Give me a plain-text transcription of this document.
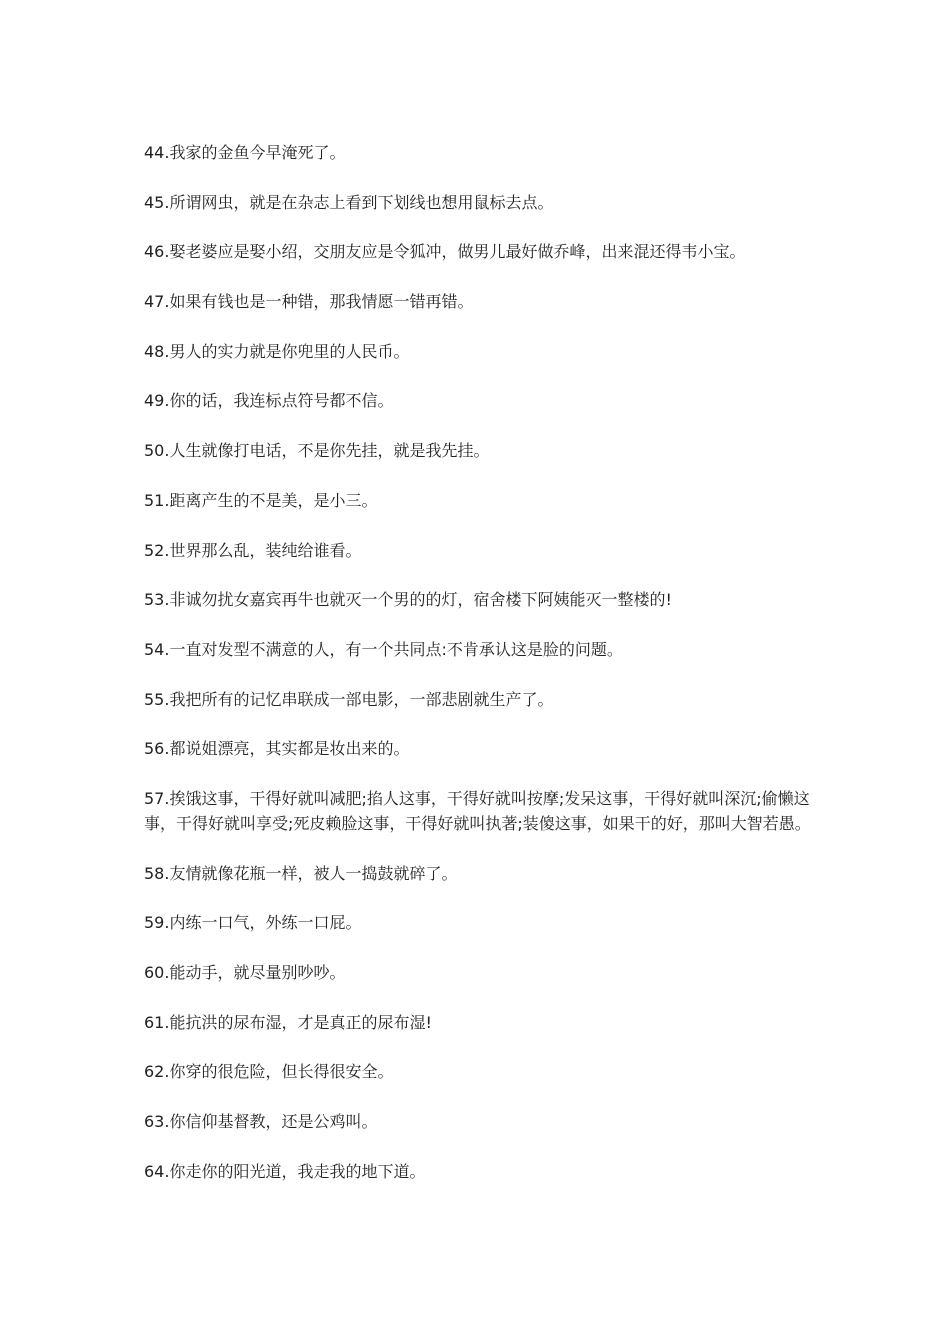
44.我家的金鱼今早淹死了。
45.所谓网虫，就是在杂志上看到下划线也想用鼠标去点。
46.娶老婆应是娶小绍，交朋友应是令狐冲，做男儿最好做乔峰，出来混还得韦小宝。
47.如果有钱也是一种错，那我情愿一错再错。
48.男人的实力就是你兜里的人民币。
49.你的话，我连标点符号都不信。
50.人生就像打电话，不是你先挂，就是我先挂。
51.距离产生的不是美，是小三。
52.世界那么乱，装纯给谁看。
53.非诚勿扰女嘉宾再牛也就灭一个男的的灯，宿舍楼下阿姨能灭一整楼的!
54.一直对发型不满意的人，有一个共同点:不肯承认这是脸的问题。
55.我把所有的记忆串联成一部电影，一部悲剧就生产了。
56.都说姐漂亮，其实都是妆出来的。
57.挨饿这事，干得好就叫减肥;掐人这事，干得好就叫按摩;发呆这事，干得好就叫深沉;偷懒这事，干得好就叫享受;死皮赖脸这事，干得好就叫执著;装傻这事，如果干的好，那叫大智若愚。
58.友情就像花瓶一样，被人一捣鼓就碎了。
59.内练一口气，外练一口屁。
60.能动手，就尽量别吵吵。
61.能抗洪的尿布湿，才是真正的尿布湿!
62.你穿的很危险，但长得很安全。
63.你信仰基督教，还是公鸡叫。
64.你走你的阳光道，我走我的地下道。
